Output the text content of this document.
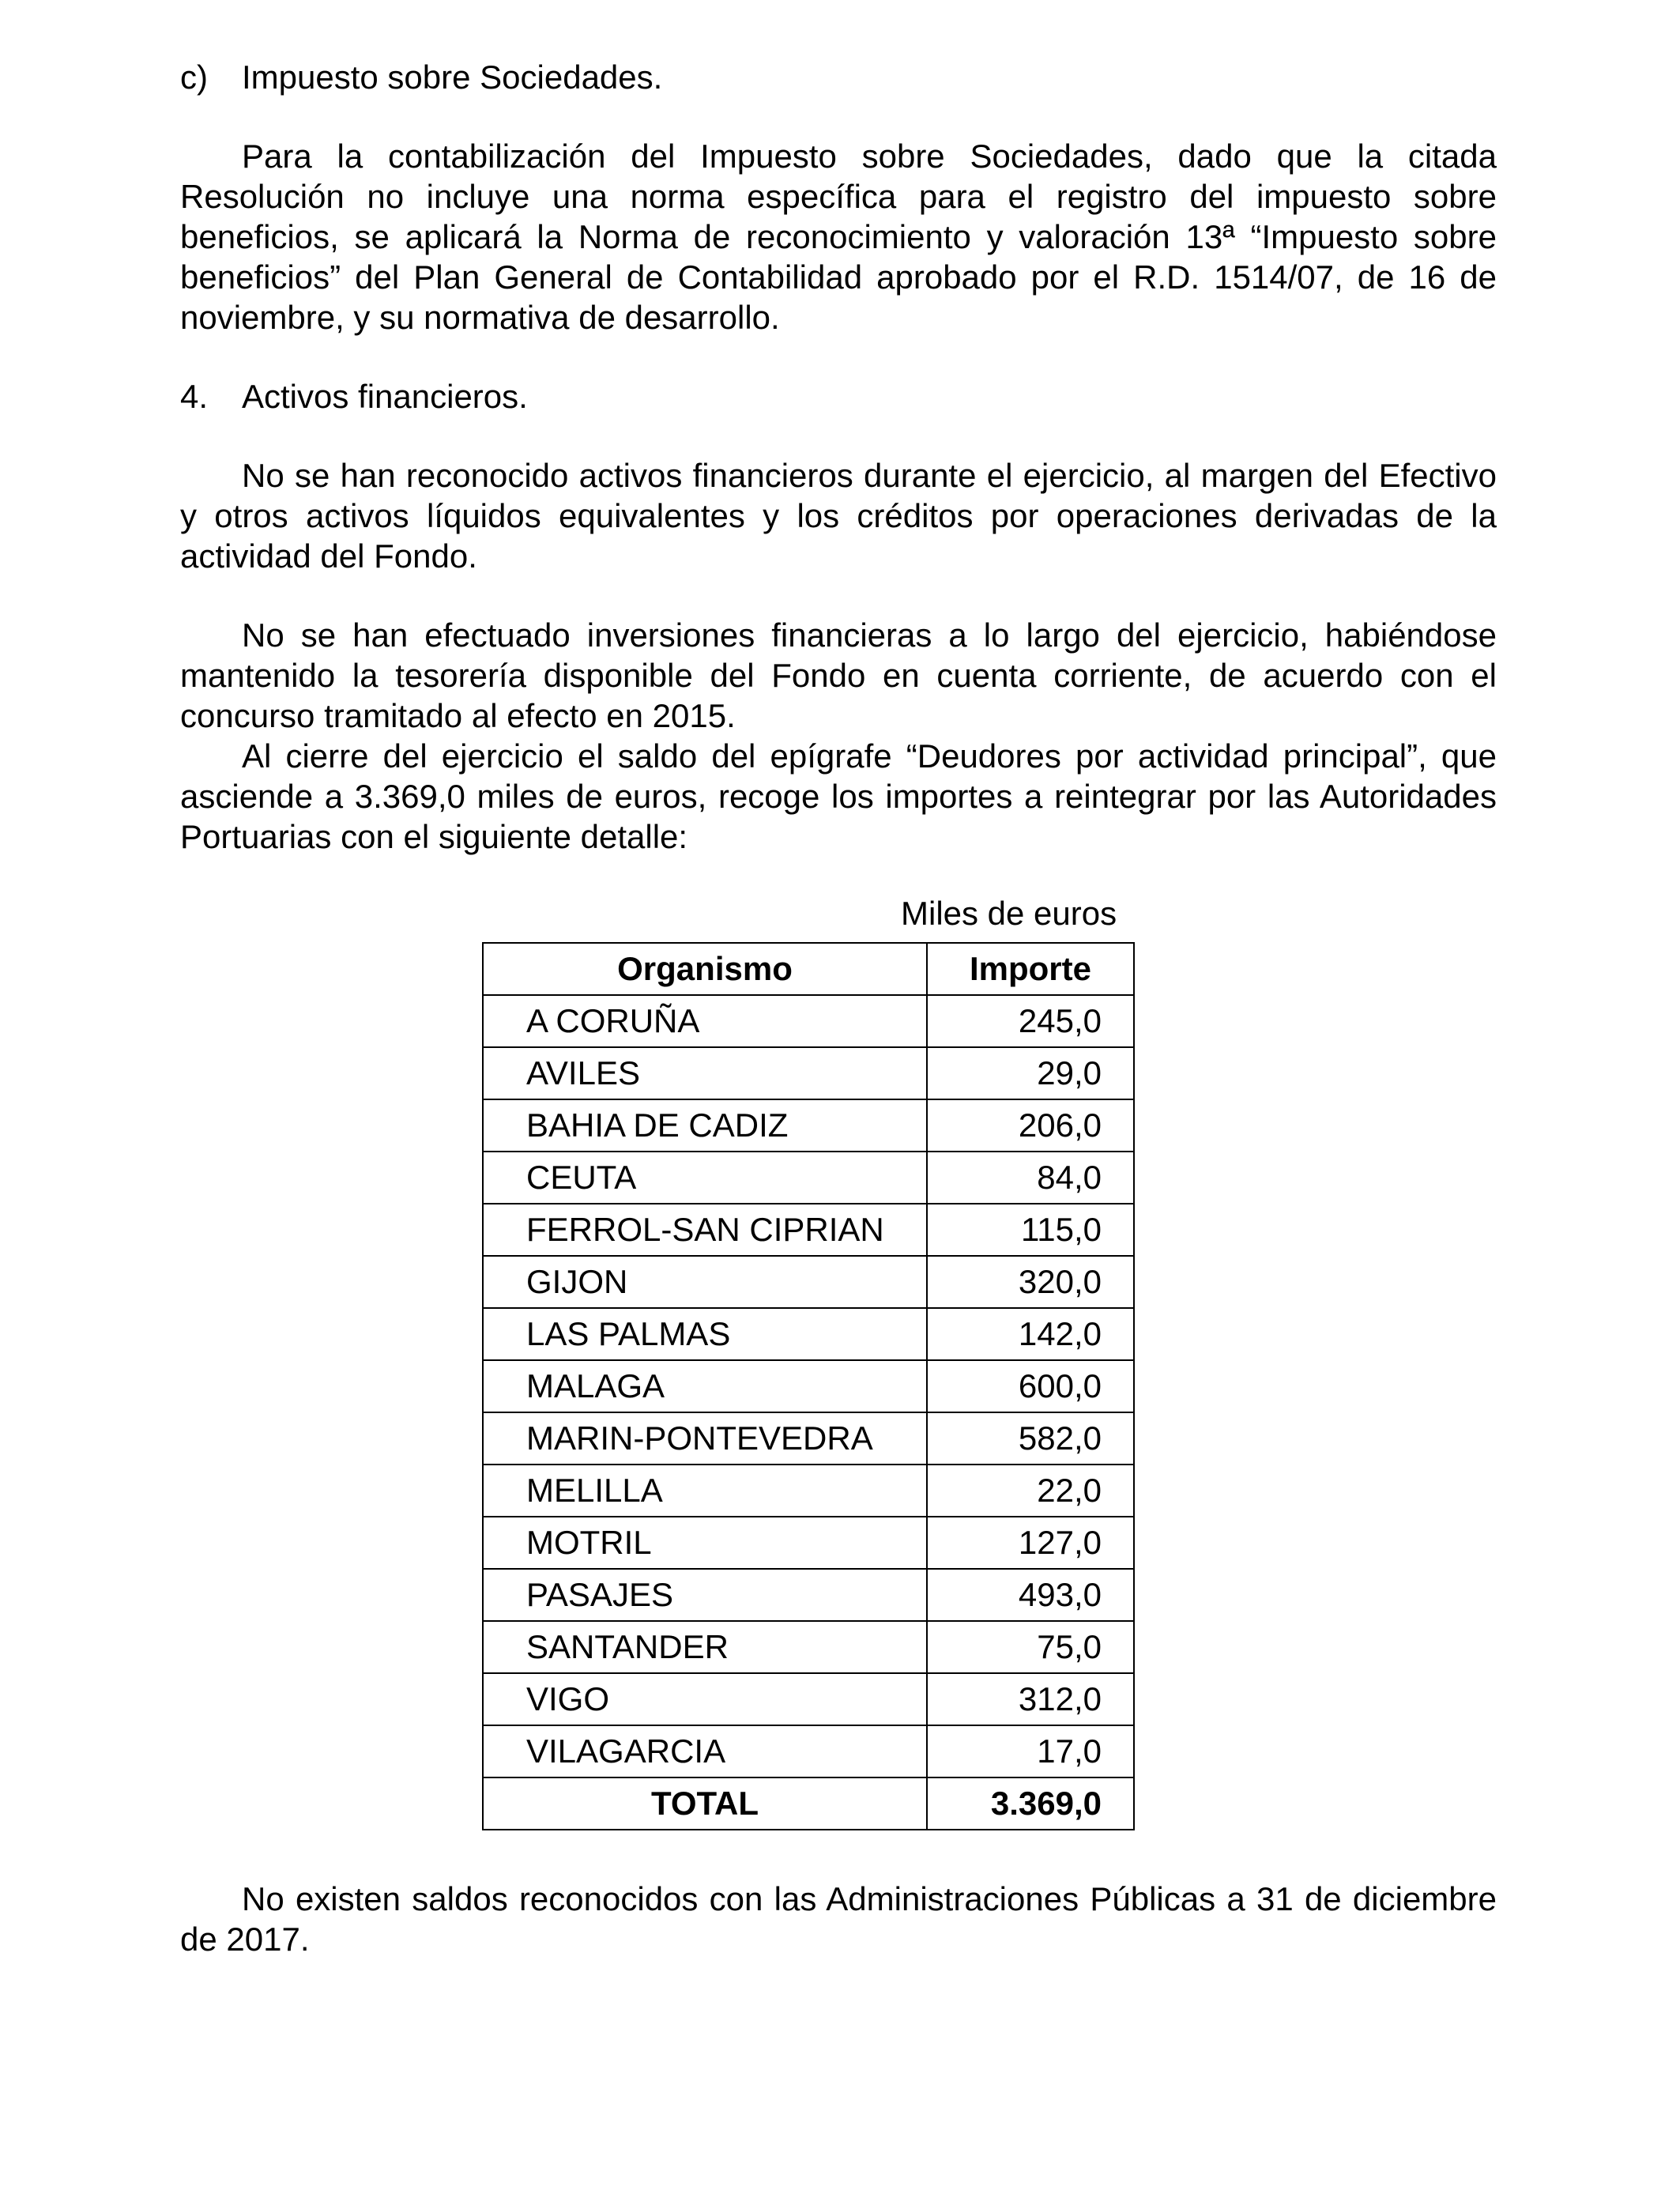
c)	Impuesto sobre Sociedades.

Para la contabilización del Impuesto sobre Sociedades, dado que la citada Resolución no incluye una norma específica para el registro del impuesto sobre beneficios, se aplicará la Norma de reconocimiento y valoración 13ª “Impuesto sobre beneficios” del Plan General de Contabilidad aprobado por el R.D. 1514/07, de 16 de noviembre, y su normativa de desarrollo.

4.	Activos financieros.

No se han reconocido activos financieros durante el ejercicio, al margen del Efectivo y otros activos líquidos equivalentes y los créditos por operaciones derivadas de la actividad del Fondo.

No se han efectuado inversiones financieras a lo largo del ejercicio, habiéndose mantenido la tesorería disponible del Fondo en cuenta corriente, de acuerdo con el concurso tramitado al efecto en 2015.

Al cierre del ejercicio el saldo del epígrafe “Deudores por actividad principal”, que asciende a 3.369,0 miles de euros, recoge los importes a reintegrar por las Autoridades Portuarias con el siguiente detalle:

Miles de euros
Organismo	Importe
A CORUÑA	245,0
AVILES	29,0
BAHIA DE CADIZ	206,0
CEUTA	84,0
FERROL-SAN CIPRIAN	115,0
GIJON	320,0
LAS PALMAS	142,0
MALAGA	600,0
MARIN-PONTEVEDRA	582,0
MELILLA	22,0
MOTRIL	127,0
PASAJES	493,0
SANTANDER	75,0
VIGO	312,0
VILAGARCIA	17,0
TOTAL	3.369,0

No existen saldos reconocidos con las Administraciones Públicas a 31 de diciembre de 2017.
